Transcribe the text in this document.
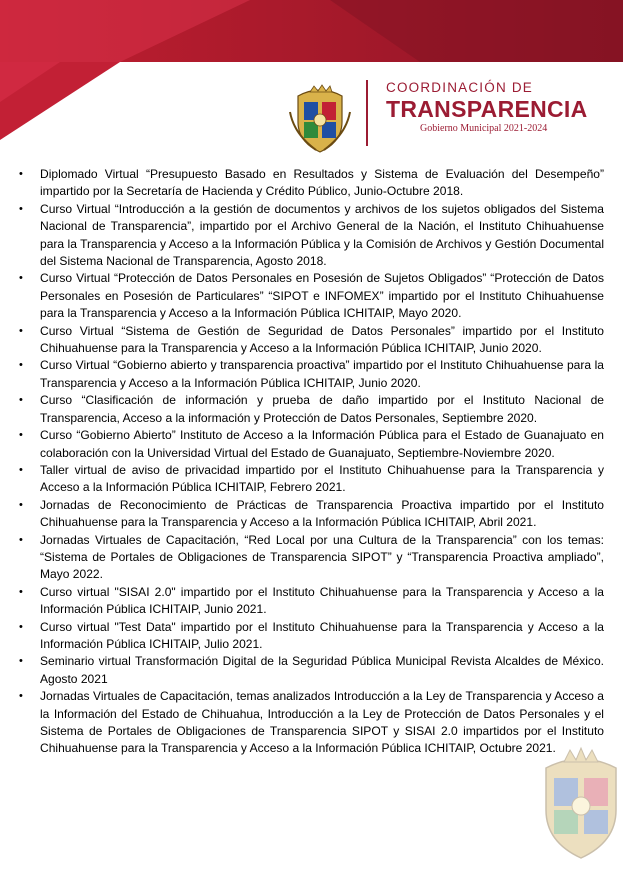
COORDINACIÓN DE
TRANSPARENCIA
Gobierno Municipal 2021-2024
• Diplomado Virtual “Presupuesto Basado en Resultados y Sistema de Evaluación del Desempeño” impartido por la Secretaría de Hacienda y Crédito Público, Junio-Octubre 2018.
• Curso Virtual “Introducción a la gestión de documentos y archivos de los sujetos obligados del Sistema Nacional de Transparencia”, impartido por el Archivo General de la Nación, el Instituto Chihuahuense para la Transparencia y Acceso a la Información Pública y la Comisión de Archivos y Gestión Documental del Sistema Nacional de Transparencia, Agosto 2018.
• Curso Virtual “Protección de Datos Personales en Posesión de Sujetos Obligados” “Protección de Datos Personales en Posesión de Particulares” “SIPOT e INFOMEX” impartido por el Instituto Chihuahuense para la Transparencia y Acceso a la Información Pública ICHITAIP, Mayo 2020.
• Curso Virtual “Sistema de Gestión de Seguridad de Datos Personales” impartido por el Instituto Chihuahuense para la Transparencia y Acceso a la Información Pública ICHITAIP, Junio 2020.
• Curso Virtual “Gobierno abierto y transparencia proactiva” impartido por el Instituto Chihuahuense para la Transparencia y Acceso a la Información Pública ICHITAIP, Junio 2020.
• Curso “Clasificación de información y prueba de daño impartido por el Instituto Nacional de Transparencia, Acceso a la información y Protección de Datos Personales, Septiembre 2020.
• Curso “Gobierno Abierto” Instituto de Acceso a la Información Pública para el Estado de Guanajuato en colaboración con la Universidad Virtual del Estado de Guanajuato, Septiembre-Noviembre 2020.
• Taller virtual de aviso de privacidad impartido por el Instituto Chihuahuense para la Transparencia y Acceso a la Información Pública ICHITAIP, Febrero 2021.
• Jornadas de Reconocimiento de Prácticas de Transparencia Proactiva impartido por el Instituto Chihuahuense para la Transparencia y Acceso a la Información Pública ICHITAIP, Abril 2021.
• Jornadas Virtuales de Capacitación, “Red Local por una Cultura de la Transparencia” con los temas: “Sistema de Portales de Obligaciones de Transparencia SIPOT” y “Transparencia Proactiva ampliado”, Mayo 2022.
• Curso virtual "SISAI 2.0" impartido por el Instituto Chihuahuense para la Transparencia y Acceso a la Información Pública ICHITAIP, Junio 2021.
• Curso virtual "Test Data" impartido por el Instituto Chihuahuense para la Transparencia y Acceso a la Información Pública ICHITAIP, Julio 2021.
• Seminario virtual Transformación Digital de la Seguridad Pública Municipal Revista Alcaldes de México. Agosto 2021
• Jornadas Virtuales de Capacitación, temas analizados Introducción a la Ley de Transparencia y Acceso a la Información del Estado de Chihuahua, Introducción a la Ley de Protección de Datos Personales y el Sistema de Portales de Obligaciones de Transparencia SIPOT y SISAI 2.0 impartidos por el Instituto Chihuahuense para la Transparencia y Acceso a la Información Pública ICHITAIP, Octubre 2021.
